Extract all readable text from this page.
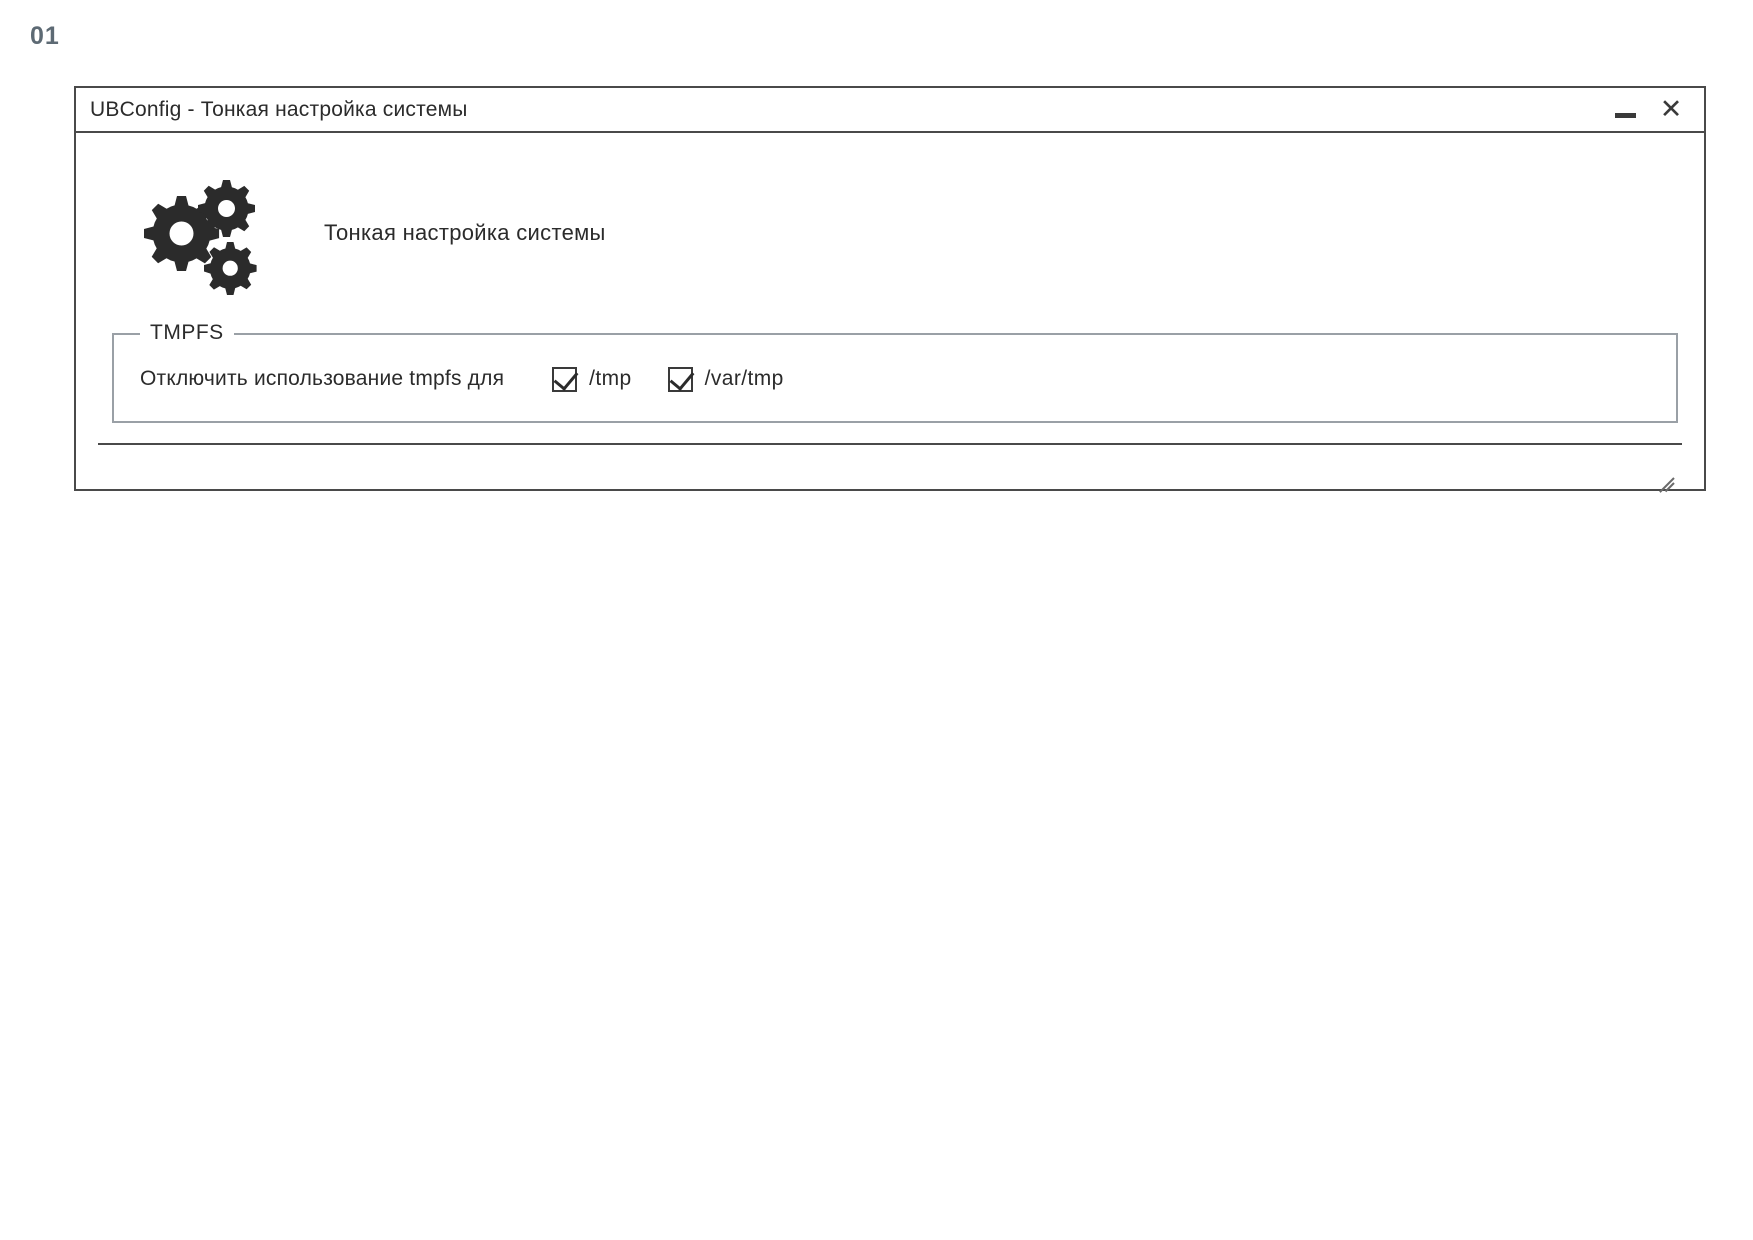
01
UBConfig - Тонкая настройка системы	✕
Тонкая настройка системы
TMPFS
Отключить использование tmpfs для	/tmp	/var/tmp
